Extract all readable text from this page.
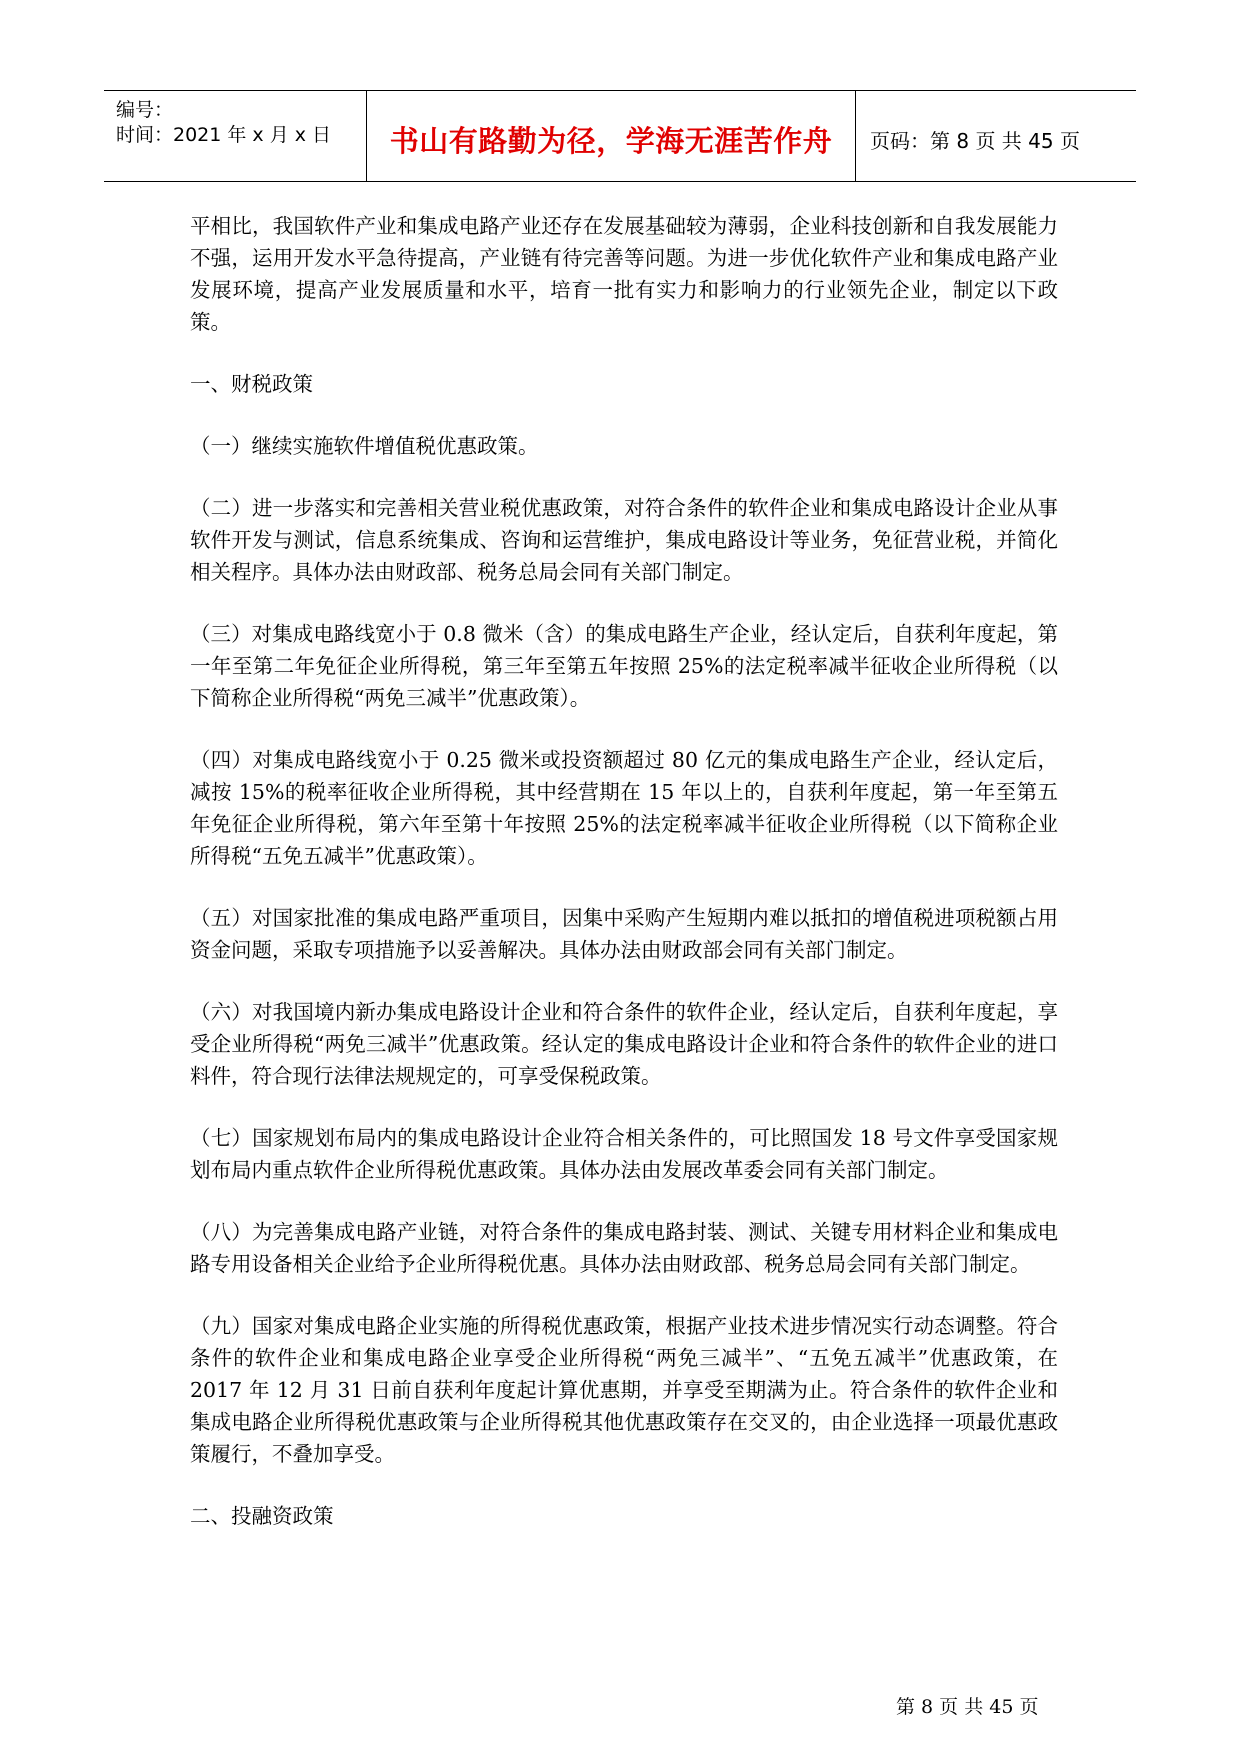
编号：
时间：2021 年 x 月 x 日 书山有路勤为径，学海无涯苦作舟 页码：第 8 页 共 45 页

平相比，我国软件产业和集成电路产业还存在发展基础较为薄弱，企业科技创新和自我发展能力不强，运用开发水平急待提高，产业链有待完善等问题。为进一步优化软件产业和集成电路产业发展环境，提高产业发展质量和水平，培育一批有实力和影响力的行业领先企业，制定以下政策。

一、财税政策

（一）继续实施软件增值税优惠政策。

（二）进一步落实和完善相关营业税优惠政策，对符合条件的软件企业和集成电路设计企业从事软件开发与测试，信息系统集成、咨询和运营维护，集成电路设计等业务，免征营业税，并简化相关程序。具体办法由财政部、税务总局会同有关部门制定。

（三）对集成电路线宽小于 0.8 微米（含）的集成电路生产企业，经认定后，自获利年度起，第一年至第二年免征企业所得税，第三年至第五年按照 25%的法定税率减半征收企业所得税（以下简称企业所得税“两免三减半”优惠政策）。

（四）对集成电路线宽小于 0.25 微米或投资额超过 80 亿元的集成电路生产企业，经认定后，减按 15%的税率征收企业所得税，其中经营期在 15 年以上的，自获利年度起，第一年至第五年免征企业所得税，第六年至第十年按照 25%的法定税率减半征收企业所得税（以下简称企业所得税“五免五减半”优惠政策）。

（五）对国家批准的集成电路严重项目，因集中采购产生短期内难以抵扣的增值税进项税额占用资金问题，采取专项措施予以妥善解决。具体办法由财政部会同有关部门制定。

（六）对我国境内新办集成电路设计企业和符合条件的软件企业，经认定后，自获利年度起，享受企业所得税“两免三减半”优惠政策。经认定的集成电路设计企业和符合条件的软件企业的进口料件，符合现行法律法规规定的，可享受保税政策。

（七）国家规划布局内的集成电路设计企业符合相关条件的，可比照国发 18 号文件享受国家规划布局内重点软件企业所得税优惠政策。具体办法由发展改革委会同有关部门制定。

（八）为完善集成电路产业链，对符合条件的集成电路封装、测试、关键专用材料企业和集成电路专用设备相关企业给予企业所得税优惠。具体办法由财政部、税务总局会同有关部门制定。

（九）国家对集成电路企业实施的所得税优惠政策，根据产业技术进步情况实行动态调整。符合条件的软件企业和集成电路企业享受企业所得税“两免三减半”、“五免五减半”优惠政策，在 2017 年 12 月 31 日前自获利年度起计算优惠期，并享受至期满为止。符合条件的软件企业和集成电路企业所得税优惠政策与企业所得税其他优惠政策存在交叉的，由企业选择一项最优惠政策履行，不叠加享受。

二、投融资政策

第 8 页 共 45 页
